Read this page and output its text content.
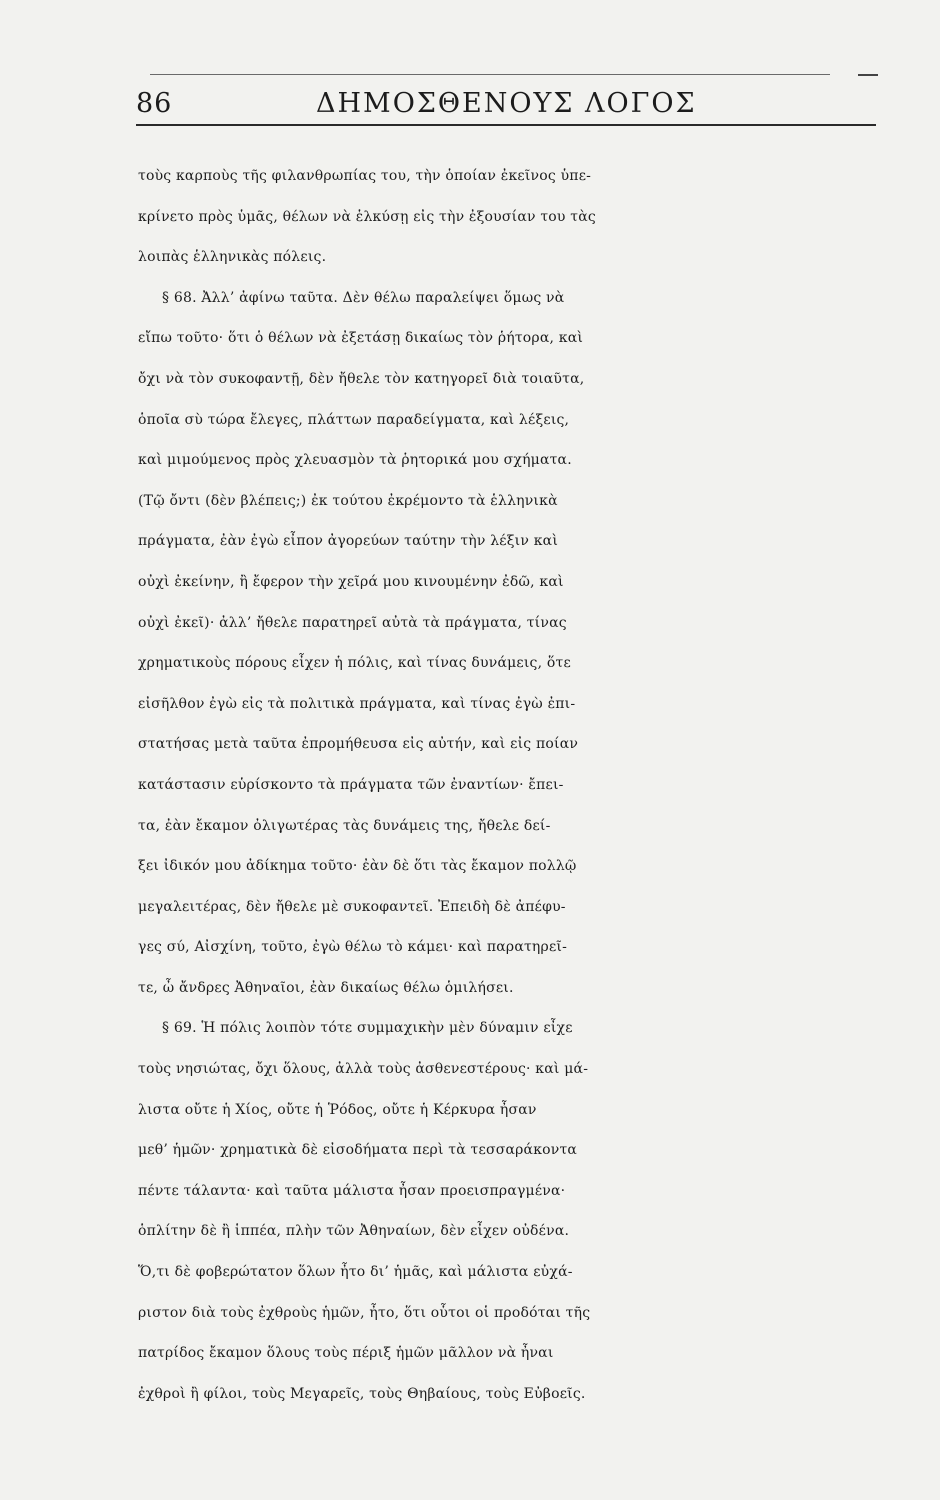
86	ΔΗΜΟΣΘΕΝΟΥΣ ΛΟΓΟΣ
τοὺς καρποὺς τῆς φιλανθρωπίας του, τὴν ὁποίαν ἐκεῖνος ὑπε-
κρίνετο πρὸς ὑμᾶς, θέλων νὰ ἑλκύσῃ εἰς τὴν ἐξουσίαν του τὰς
λοιπὰς ἑλληνικὰς πόλεις.
§ 68. Ἀλλ’ ἀφίνω ταῦτα. Δὲν θέλω παραλείψει ὅμως νὰ
εἴπω τοῦτο· ὅτι ὁ θέλων νὰ ἐξετάσῃ δικαίως τὸν ῥήτορα, καὶ
ὄχι νὰ τὸν συκοφαντῇ, δὲν ἤθελε τὸν κατηγορεῖ διὰ τοιαῦτα,
ὁποῖα σὺ τώρα ἔλεγες, πλάττων παραδείγματα, καὶ λέξεις,
καὶ μιμούμενος πρὸς χλευασμὸν τὰ ῥητορικά μου σχήματα.
(Τῷ ὄντι (δὲν βλέπεις;) ἐκ τούτου ἐκρέμοντο τὰ ἑλληνικὰ
πράγματα, ἐὰν ἐγὼ εἶπον ἀγορεύων ταύτην τὴν λέξιν καὶ
οὐχὶ ἐκείνην, ἢ ἔφερον τὴν χεῖρά μου κινουμένην ἐδῶ, καὶ
οὐχὶ ἐκεῖ)· ἀλλ’ ἤθελε παρατηρεῖ αὐτὰ τὰ πράγματα, τίνας
χρηματικοὺς πόρους εἶχεν ἡ πόλις, καὶ τίνας δυνάμεις, ὅτε
εἰσῆλθον ἐγὼ εἰς τὰ πολιτικὰ πράγματα, καὶ τίνας ἐγὼ ἐπι-
στατήσας μετὰ ταῦτα ἐπρομήθευσα εἰς αὐτήν, καὶ εἰς ποίαν
κατάστασιν εὑρίσκοντο τὰ πράγματα τῶν ἐναντίων· ἔπει-
τα, ἐὰν ἔκαμον ὀλιγωτέρας τὰς δυνάμεις της, ἤθελε δεί-
ξει ἰδικόν μου ἀδίκημα τοῦτο· ἐὰν δὲ ὅτι τὰς ἔκαμον πολλῷ
μεγαλειτέρας, δὲν ἤθελε μὲ συκοφαντεῖ. Ἐπειδὴ δὲ ἀπέφυ-
γες σύ, Αἰσχίνη, τοῦτο, ἐγὼ θέλω τὸ κάμει· καὶ παρατηρεῖ-
τε, ὦ ἄνδρες Ἀθηναῖοι, ἐὰν δικαίως θέλω ὁμιλήσει.
§ 69. Ἡ πόλις λοιπὸν τότε συμμαχικὴν μὲν δύναμιν εἶχε
τοὺς νησιώτας, ὄχι ὅλους, ἀλλὰ τοὺς ἀσθενεστέρους· καὶ μά-
λιστα οὔτε ἡ Χίος, οὔτε ἡ Ῥόδος, οὔτε ἡ Κέρκυρα ἦσαν
μεθ’ ἡμῶν· χρηματικὰ δὲ εἰσοδήματα περὶ τὰ τεσσαράκοντα
πέντε τάλαντα· καὶ ταῦτα μάλιστα ἦσαν προεισπραγμένα·
ὁπλίτην δὲ ἢ ἱππέα, πλὴν τῶν Ἀθηναίων, δὲν εἶχεν οὐδένα.
Ὅ,τι δὲ φοβερώτατον ὅλων ἦτο δι’ ἡμᾶς, καὶ μάλιστα εὐχά-
ριστον διὰ τοὺς ἐχθροὺς ἡμῶν, ἦτο, ὅτι οὗτοι οἱ προδόται τῆς
πατρίδος ἔκαμον ὅλους τοὺς πέριξ ἡμῶν μᾶλλον νὰ ἦναι
ἐχθροὶ ἢ φίλοι, τοὺς Μεγαρεῖς, τοὺς Θηβαίους, τοὺς Εὐβοεῖς.
